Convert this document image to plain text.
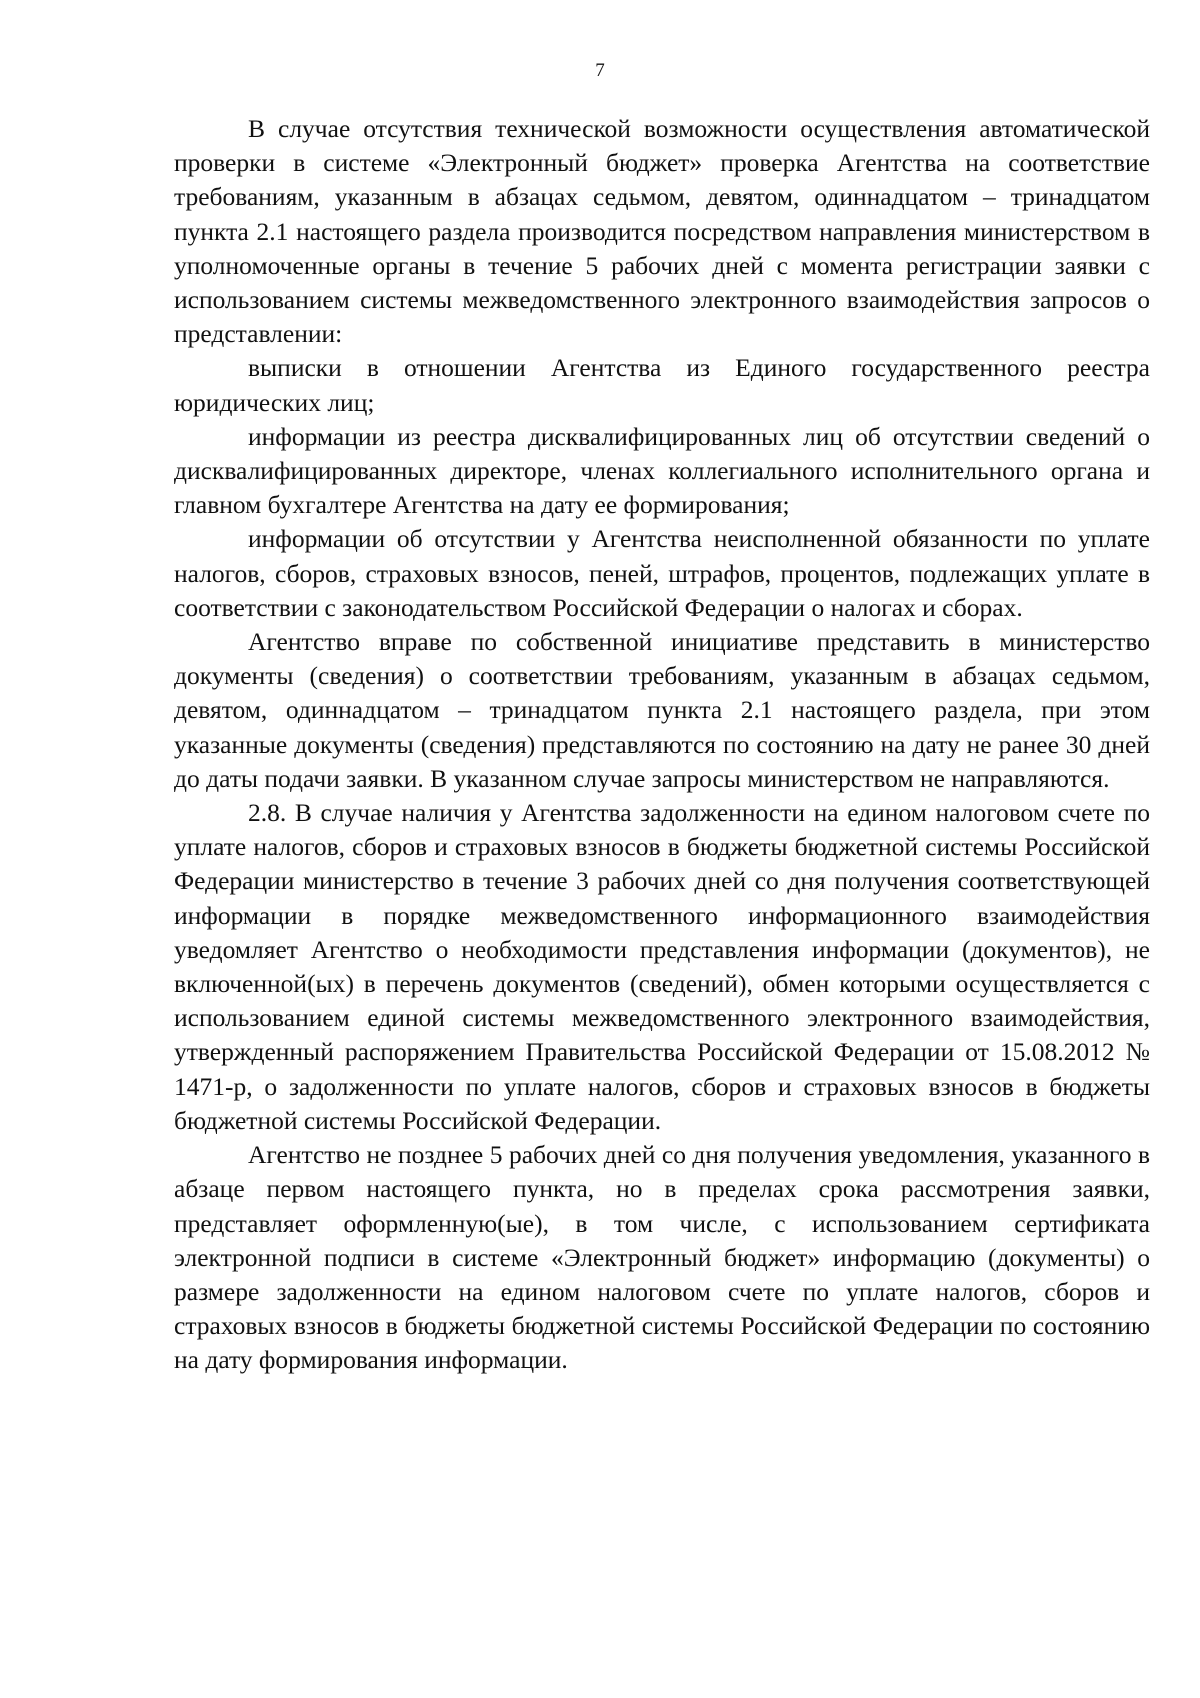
7

В случае отсутствия технической возможности осуществления автоматической проверки в системе «Электронный бюджет» проверка Агентства на соответствие требованиям, указанным в абзацах седьмом, девятом, одиннадцатом – тринадцатом пункта 2.1 настоящего раздела производится посредством направления министерством в уполномоченные органы в течение 5 рабочих дней с момента регистрации заявки с использованием системы межведомственного электронного взаимодействия запросов о представлении:

выписки в отношении Агентства из Единого государственного реестра юридических лиц;

информации из реестра дисквалифицированных лиц об отсутствии сведений о дисквалифицированных директоре, членах коллегиального исполнительного органа и главном бухгалтере Агентства на дату ее формирования;

информации об отсутствии у Агентства неисполненной обязанности по уплате налогов, сборов, страховых взносов, пеней, штрафов, процентов, подлежащих уплате в соответствии с законодательством Российской Федерации о налогах и сборах.

Агентство вправе по собственной инициативе представить в министерство документы (сведения) о соответствии требованиям, указанным в абзацах седьмом, девятом, одиннадцатом – тринадцатом пункта 2.1 настоящего раздела, при этом указанные документы (сведения) представляются по состоянию на дату не ранее 30 дней до даты подачи заявки. В указанном случае запросы министерством не направляются.

2.8. В случае наличия у Агентства задолженности на едином налоговом счете по уплате налогов, сборов и страховых взносов в бюджеты бюджетной системы Российской Федерации министерство в течение 3 рабочих дней со дня получения соответствующей информации в порядке межведомственного информационного взаимодействия уведомляет Агентство о необходимости представления информации (документов), не включенной(ых) в перечень документов (сведений), обмен которыми осуществляется с использованием единой системы межведомственного электронного взаимодействия, утвержденный распоряжением Правительства Российской Федерации от 15.08.2012 № 1471-р, о задолженности по уплате налогов, сборов и страховых взносов в бюджеты бюджетной системы Российской Федерации.

Агентство не позднее 5 рабочих дней со дня получения уведомления, указанного в абзаце первом настоящего пункта, но в пределах срока рассмотрения заявки, представляет оформленную(ые), в том числе, с использованием сертификата электронной подписи в системе «Электронный бюджет» информацию (документы) о размере задолженности на едином налоговом счете по уплате налогов, сборов и страховых взносов в бюджеты бюджетной системы Российской Федерации по состоянию на дату формирования информации.
